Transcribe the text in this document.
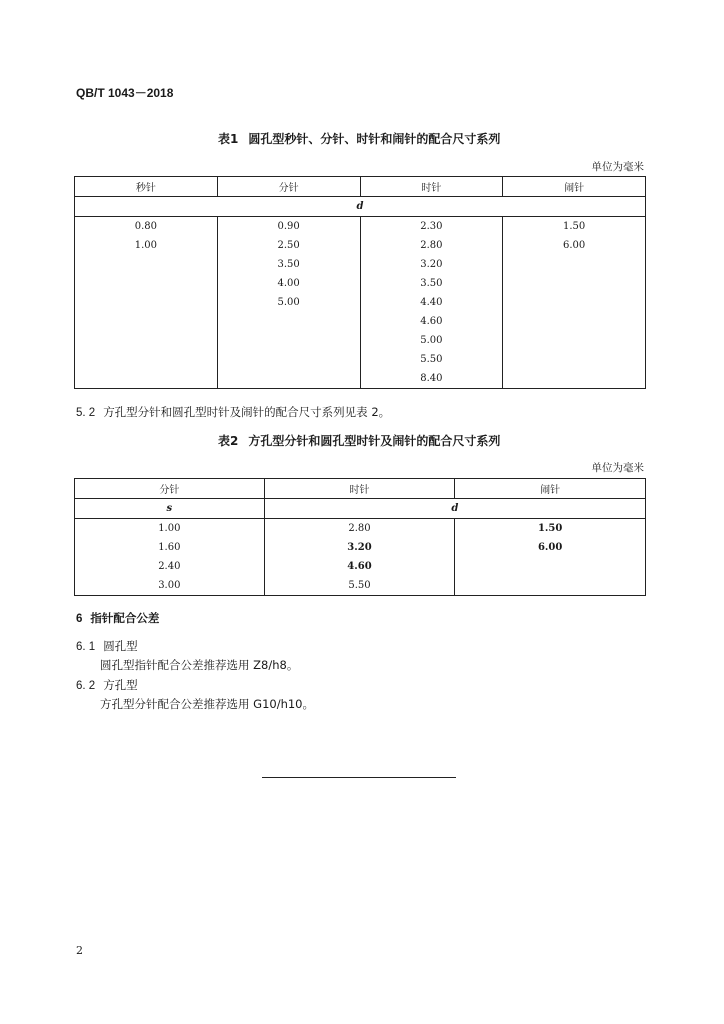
QB/T 1043－2018
表1 圆孔型秒针、分针、时针和闹针的配合尺寸系列
单位为毫米
秒针	分针	时针	闹针
d			
0.80	0.90	2.30	1.50
1.00	2.50	2.80	6.00
	3.50	3.20	
	4.00	3.50	
	5.00	4.40	
		4.60	
		5.00	
		5.50	
		8.40	
5. 2 方孔型分针和圆孔型时针及闹针的配合尺寸系列见表 2。
表2 方孔型分针和圆孔型时针及闹针的配合尺寸系列
单位为毫米
分针	时针	闹针
s	d	
1.00	2.80	1.50
1.60	3.20	6.00
2.40	4.60	
3.00	5.50	
6 指针配合公差
6. 1 圆孔型
圆孔型指针配合公差推荐选用 Z8/h8。
6. 2 方孔型
方孔型分针配合公差推荐选用 G10/h10。
2
